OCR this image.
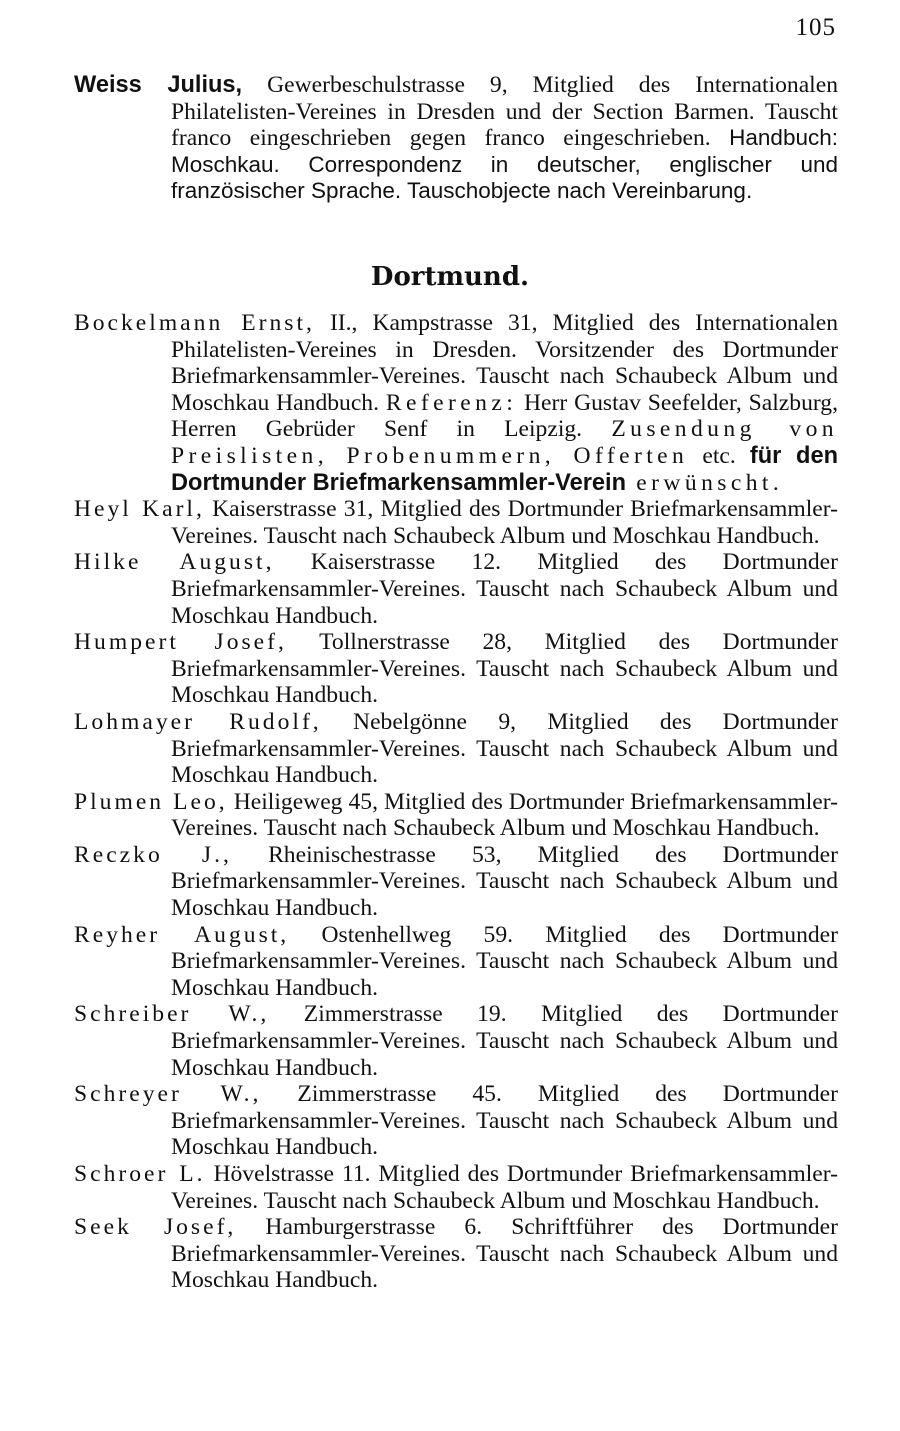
105

Weiss Julius, Gewerbeschulstrasse 9, Mitglied des Internationalen Philatelisten-Vereines in Dresden und der Section Barmen. Tauscht franco eingeschrieben gegen franco eingeschrieben. Handbuch: Moschkau. Correspondenz in deutscher, englischer und französischer Sprache. Tauschobjecte nach Vereinbarung.

Dortmund.

Bockelmann Ernst, II., Kampstrasse 31, Mitglied des Internationalen Philatelisten-Vereines in Dresden. Vorsitzender des Dortmunder Briefmarkensammler-Vereines. Tauscht nach Schaubeck Album und Moschkau Handbuch. Referenz: Herr Gustav Seefelder, Salzburg, Herren Gebrüder Senf in Leipzig. Zusendung von Preislisten, Probenummern, Offerten etc. für den Dortmunder Briefmarkensammler-Verein erwünscht.

Heyl Karl, Kaiserstrasse 31, Mitglied des Dortmunder Briefmarkensammler-Vereines. Tauscht nach Schaubeck Album und Moschkau Handbuch.

Hilke August, Kaiserstrasse 12. Mitglied des Dortmunder Briefmarkensammler-Vereines. Tauscht nach Schaubeck Album und Moschkau Handbuch.

Humpert Josef, Tollnerstrasse 28, Mitglied des Dortmunder Briefmarkensammler-Vereines. Tauscht nach Schaubeck Album und Moschkau Handbuch.

Lohmayer Rudolf, Nebelgönne 9, Mitglied des Dortmunder Briefmarkensammler-Vereines. Tauscht nach Schaubeck Album und Moschkau Handbuch.

Plumen Leo, Heiligeweg 45, Mitglied des Dortmunder Briefmarkensammler-Vereines. Tauscht nach Schaubeck Album und Moschkau Handbuch.

Reczko J., Rheinischestrasse 53, Mitglied des Dortmunder Briefmarkensammler-Vereines. Tauscht nach Schaubeck Album und Moschkau Handbuch.

Reyher August, Ostenhellweg 59. Mitglied des Dortmunder Briefmarkensammler-Vereines. Tauscht nach Schaubeck Album und Moschkau Handbuch.

Schreiber W., Zimmerstrasse 19. Mitglied des Dortmunder Briefmarkensammler-Vereines. Tauscht nach Schaubeck Album und Moschkau Handbuch.

Schreyer W., Zimmerstrasse 45. Mitglied des Dortmunder Briefmarkensammler-Vereines. Tauscht nach Schaubeck Album und Moschkau Handbuch.

Schroer L. Hövelstrasse 11. Mitglied des Dortmunder Briefmarkensammler-Vereines. Tauscht nach Schaubeck Album und Moschkau Handbuch.

Seek Josef, Hamburgerstrasse 6. Schriftführer des Dortmunder Briefmarkensammler-Vereines. Tauscht nach Schaubeck Album und Moschkau Handbuch.
